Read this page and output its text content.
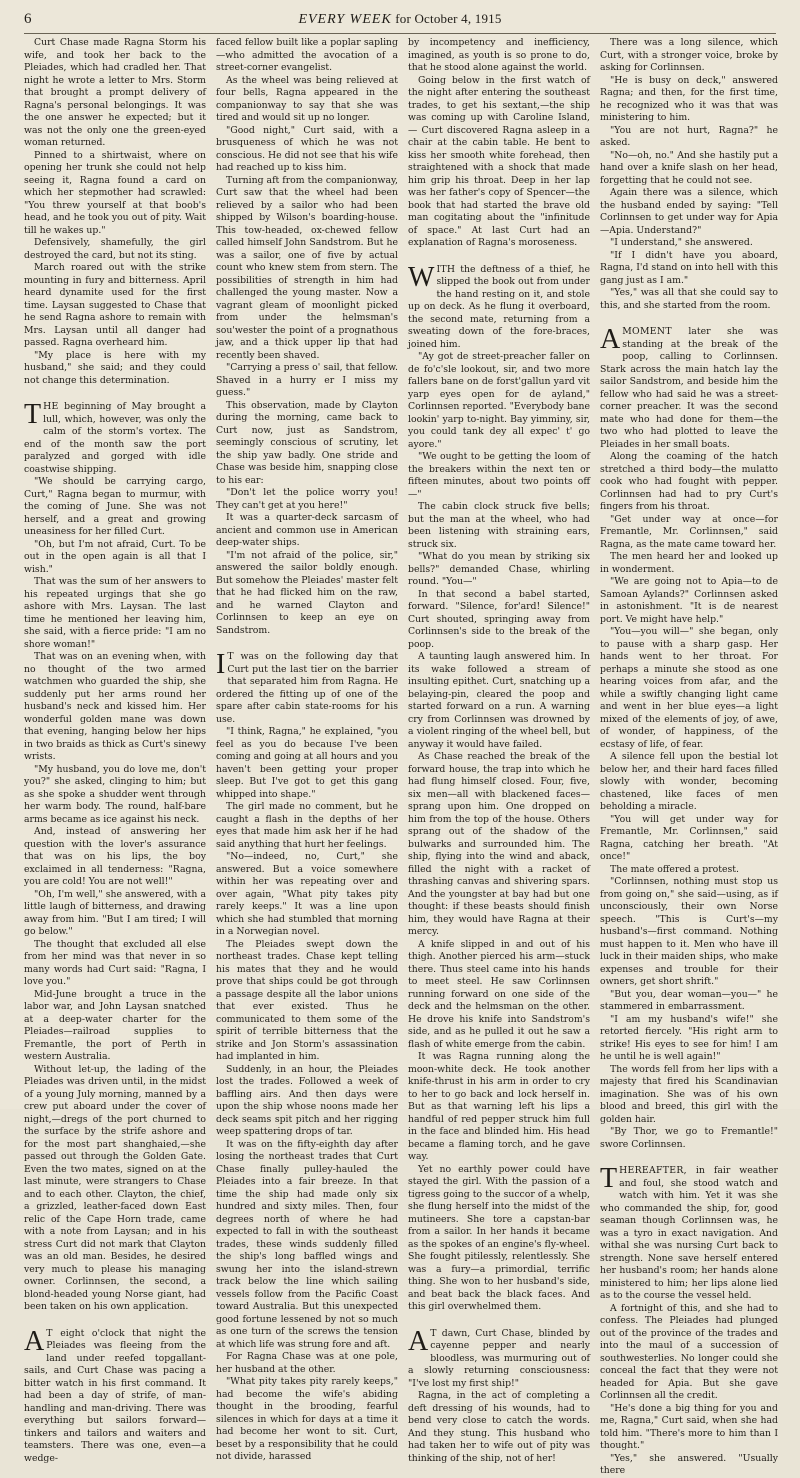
6	EVERY WEEK for October 4, 1915

Curt Chase made Ragna Storm his wife, and took her back to the Pleiades, which had cradled her. That night he wrote a letter to Mrs. Storm that brought a prompt delivery of Ragna's personal belongings. It was the one answer he expected; but it was not the only one the green-eyed woman returned.

Pinned to a shirtwaist, where on opening her trunk she could not help seeing it, Ragna found a card on which her stepmother had scrawled: "You threw yourself at that boob's head, and he took you out of pity. Wait till he wakes up."

Defensively, shamefully, the girl destroyed the card, but not its sting.

March roared out with the strike mounting in fury and bitterness. April heard dynamite used for the first time. Laysan suggested to Chase that he send Ragna ashore to remain with Mrs. Laysan until all danger had passed. Ragna overheard him.

"My place is here with my husband," she said; and they could not change this determination.

THE beginning of May brought a lull, which, however, was only the calm of the storm's vortex. The end of the month saw the port paralyzed and gorged with idle coastwise shipping.

"We should be carrying cargo, Curt," Ragna began to murmur, with the coming of June. She was not herself, and a great and growing uneasiness for her filled Curt.

"Oh, but I'm not afraid, Curt. To be out in the open again is all that I wish."

That was the sum of her answers to his repeated urgings that she go ashore with Mrs. Laysan. The last time he mentioned her leaving him, she said, with a fierce pride: "I am no shore woman!"

That was on an evening when, with no thought of the two armed watchmen who guarded the ship, she suddenly put her arms round her husband's neck and kissed him. Her wonderful golden mane was down that evening, hanging below her hips in two braids as thick as Curt's sinewy wrists.

"My husband, you do love me, don't you?" she asked, clinging to him; but as she spoke a shudder went through her warm body. The round, half-bare arms became as ice against his neck.

And, instead of answering her question with the lover's assurance that was on his lips, the boy exclaimed in all tenderness: "Ragna, you are cold! You are not well!"

"Oh, I'm well," she answered, with a little laugh of bitterness, and drawing away from him. "But I am tired; I will go below."

The thought that excluded all else from her mind was that never in so many words had Curt said: "Ragna, I love you."

Mid-June brought a truce in the labor war, and John Laysan snatched at a deep-water charter for the Pleiades—railroad supplies to Fremantle, the port of Perth in western Australia.

Without let-up, the lading of the Pleiades was driven until, in the midst of a young July morning, manned by a crew put aboard under the cover of night,—dregs of the port churned to the surface by the strife ashore and for the most part shanghaied,—she passed out through the Golden Gate. Even the two mates, signed on at the last minute, were strangers to Chase and to each other. Clayton, the chief, a grizzled, leather-faced down East relic of the Cape Horn trade, came with a note from Laysan; and in his stress Curt did not mark that Clayton was an old man. Besides, he desired very much to please his managing owner. Corlinnsen, the second, a blond-headed young Norse giant, had been taken on his own application.

A T eight o'clock that night the Pleiades was fleeing from the land under reefed topgallant-sails, and Curt Chase was pacing a bitter watch in his first command. It had been a day of strife, of man-handling and man-driving. There was everything but sailors forward—tinkers and tailors and waiters and teamsters. There was one, even—a wedge-

faced fellow built like a poplar sapling—who admitted the avocation of a street-corner evangelist.

As the wheel was being relieved at four bells, Ragna appeared in the companionway to say that she was tired and would sit up no longer.

"Good night," Curt said, with a brusqueness of which he was not conscious. He did not see that his wife had reached up to kiss him.

Turning aft from the companionway, Curt saw that the wheel had been relieved by a sailor who had been shipped by Wilson's boarding-house. This tow-headed, ox-chewed fellow called himself John Sandstrom. But he was a sailor, one of five by actual count who knew stem from stern. The possibilities of strength in him had challenged the young master. Now a vagrant gleam of moonlight picked from under the helmsman's sou'wester the point of a prognathous jaw, and a thick upper lip that had recently been shaved.

"Carrying a press o' sail, that fellow. Shaved in a hurry er I miss my guess."

This observation, made by Clayton during the morning, came back to Curt now, just as Sandstrom, seemingly conscious of scrutiny, let the ship yaw badly. One stride and Chase was beside him, snapping close to his ear:

"Don't let the police worry you! They can't get at you here!"

It was a quarter-deck sarcasm of ancient and common use in American deep-water ships.

"I'm not afraid of the police, sir," answered the sailor boldly enough. But somehow the Pleiades' master felt that he had flicked him on the raw, and he warned Clayton and Corlinnsen to keep an eye on Sandstrom.

I T was on the following day that Curt put the last tier on the barrier that separated him from Ragna. He ordered the fitting up of one of the spare after cabin state-rooms for his use.

"I think, Ragna," he explained, "you feel as you do because I've been coming and going at all hours and you haven't been getting your proper sleep. But I've got to get this gang whipped into shape."

The girl made no comment, but he caught a flash in the depths of her eyes that made him ask her if he had said anything that hurt her feelings.

"No—indeed, no, Curt," she answered. But a voice somewhere within her was repeating over and over again, "What pity takes pity rarely keeps." It was a line upon which she had stumbled that morning in a Norwegian novel.

The Pleiades swept down the northeast trades. Chase kept telling his mates that they and he would prove that ships could be got through a passage despite all the labor unions that ever existed. Thus he communicated to them some of the spirit of terrible bitterness that the strike and Jon Storm's assassination had implanted in him.

Suddenly, in an hour, the Pleiades lost the trades. Followed a week of baffling airs. And then days were upon the ship whose noons made her deck seams spit pitch and her rigging weep spattering drops of tar.

It was on the fifty-eighth day after losing the northeast trades that Curt Chase finally pulley-hauled the Pleiades into a fair breeze. In that time the ship had made only six hundred and sixty miles. Then, four degrees north of where he had expected to fall in with the southeast trades, these winds suddenly filled the ship's long baffled wings and swung her into the island-strewn track below the line which sailing vessels follow from the Pacific Coast toward Australia. But this unexpected good fortune lessened by not so much as one turn of the screws the tension at which life was strung fore and aft.

For Ragna Chase was at one pole, her husband at the other.

"What pity takes pity rarely keeps," had become the wife's abiding thought in the brooding, fearful silences in which for days at a time it had become her wont to sit. Curt, beset by a responsibility that he could not divide, harassed

by incompetency and inefficiency, imagined, as youth is so prone to do, that he stood alone against the world.

Going below in the first watch of the night after entering the southeast trades, to get his sextant,—the ship was coming up with Caroline Island, — Curt discovered Ragna asleep in a chair at the cabin table. He bent to kiss her smooth white forehead, then straightened with a shock that made him grip his throat. Deep in her lap was her father's copy of Spencer—the book that had started the brave old man cogitating about the "infinitude of space." At last Curt had an explanation of Ragna's moroseness.

WITH the deftness of a thief, he slipped the book out from under the hand resting on it, and stole up on deck. As he flung it overboard, the second mate, returning from a sweating down of the fore-braces, joined him.

"Ay got de street-preacher faller on de fo'c'sle lookout, sir, and two more fallers bane on de forst'gallun yard vit yarp eyes open for de ayland," Corlinnsen reported. "Everybody bane lookin' yarp to-night. Bay yimminy, sir, you could tank dey all expec' t' go ayore."

"We ought to be getting the loom of the breakers within the next ten or fifteen minutes, about two points off—"

The cabin clock struck five bells; but the man at the wheel, who had been listening with straining ears, struck six.

"What do you mean by striking six bells?" demanded Chase, whirling round. "You—"

In that second a babel started, forward. "Silence, for'ard! Silence!" Curt shouted, springing away from Corlinnsen's side to the break of the poop.

A taunting laugh answered him. In its wake followed a stream of insulting epithet. Curt, snatching up a belaying-pin, cleared the poop and started forward on a run. A warning cry from Corlinnsen was drowned by a violent ringing of the wheel bell, but anyway it would have failed.

As Chase reached the break of the forward house, the trap into which he had flung himself closed. Four, five, six men—all with blackened faces—sprang upon him. One dropped on him from the top of the house. Others sprang out of the shadow of the bulwarks and surrounded him. The ship, flying into the wind and aback, filled the night with a racket of thrashing canvas and shivering spars. And the youngster at bay had but one thought: if these beasts should finish him, they would have Ragna at their mercy.

A knife slipped in and out of his thigh. Another pierced his arm—stuck there. Thus steel came into his hands to meet steel. He saw Corlinnsen running forward on one side of the deck and the helmsman on the other. He drove his knife into Sandstrom's side, and as he pulled it out he saw a flash of white emerge from the cabin.

It was Ragna running along the moon-white deck. He took another knife-thrust in his arm in order to cry to her to go back and lock herself in. But as that warning left his lips a handful of red pepper struck him full in the face and blinded him. His head became a flaming torch, and he gave way.

Yet no earthly power could have stayed the girl. With the passion of a tigress going to the succor of a whelp, she flung herself into the midst of the mutineers. She tore a capstan-bar from a sailor. In her hands it became as the spokes of an engine's fly-wheel. She fought pitilessly, relentlessly. She was a fury—a primordial, terrific thing. She won to her husband's side, and beat back the black faces. And this girl overwhelmed them.

A T dawn, Curt Chase, blinded by cayenne pepper and nearly bloodless, was murmuring out of a slowly returning consciousness: "I've lost my first ship!"

Ragna, in the act of completing a deft dressing of his wounds, had to bend very close to catch the words. And they stung. This husband who had taken her to wife out of pity was thinking of the ship, not of her!

There was a long silence, which Curt, with a stronger voice, broke by asking for Corlinnsen.

"He is busy on deck," answered Ragna; and then, for the first time, he recognized who it was that was ministering to him.

"You are not hurt, Ragna?" he asked.

"No—oh, no." And she hastily put a hand over a knife slash on her head, forgetting that he could not see.

Again there was a silence, which the husband ended by saying: "Tell Corlinnsen to get under way for Apia—Apia. Understand?"

"I understand," she answered.

"If I didn't have you aboard, Ragna, I'd stand on into hell with this gang just as I am."

"Yes," was all that she could say to this, and she started from the room.

AMOMENT later she was standing at the break of the poop, calling to Corlinnsen. Stark across the main hatch lay the sailor Sandstrom, and beside him the fellow who had said he was a street-corner preacher. It was the second mate who had done for them—the two who had plotted to leave the Pleiades in her small boats.

Along the coaming of the hatch stretched a third body—the mulatto cook who had fought with pepper. Corlinnsen had had to pry Curt's fingers from his throat.

"Get under way at once—for Fremantle, Mr. Corlinnsen," said Ragna, as the mate came toward her.

The men heard her and looked up in wonderment.

"We are going not to Apia—to de Samoan Aylands?" Corlinnsen asked in astonishment. "It is de nearest port. Ve might have help."

"You—you will—" she began, only to pause with a sharp gasp. Her hands went to her throat. For perhaps a minute she stood as one hearing voices from afar, and the while a swiftly changing light came and went in her blue eyes—a light mixed of the elements of joy, of awe, of wonder, of happiness, of the ecstasy of life, of fear.

A silence fell upon the bestial lot below her, and their hard faces filled slowly with wonder, becoming chastened, like faces of men beholding a miracle.

"You will get under way for Fremantle, Mr. Corlinnsen," said Ragna, catching her breath. "At once!"

The mate offered a protest.

"Corlinnsen, nothing must stop us from going on," she said—using, as if unconsciously, their own Norse speech. "This is Curt's—my husband's—first command. Nothing must happen to it. Men who have ill luck in their maiden ships, who make expenses and trouble for their owners, get short shrift."

"But you, dear woman—you—" he stammered in embarrassment.

"I am my husband's wife!" she retorted fiercely. "His right arm to strike! His eyes to see for him! I am he until he is well again!"

The words fell from her lips with a majesty that fired his Scandinavian imagination. She was of his own blood and breed, this girl with the golden hair.

"By Thor, we go to Fremantle!" swore Corlinnsen.

THEREAFTER, in fair weather and foul, she stood watch and watch with him. Yet it was she who commanded the ship, for, good seaman though Corlinnsen was, he was a tyro in exact navigation. And withal she was nursing Curt back to strength. None save herself entered her husband's room; her hands alone ministered to him; her lips alone lied as to the course the vessel held.

A fortnight of this, and she had to confess. The Pleiades had plunged out of the province of the trades and into the maul of a succession of southwesterlies. No longer could she conceal the fact that they were not headed for Apia. But she gave Corlinnsen all the credit.

"He's done a big thing for you and me, Ragna," Curt said, when she had told him. "There's more to him than I thought."

"Yes," she answered. "Usually there
